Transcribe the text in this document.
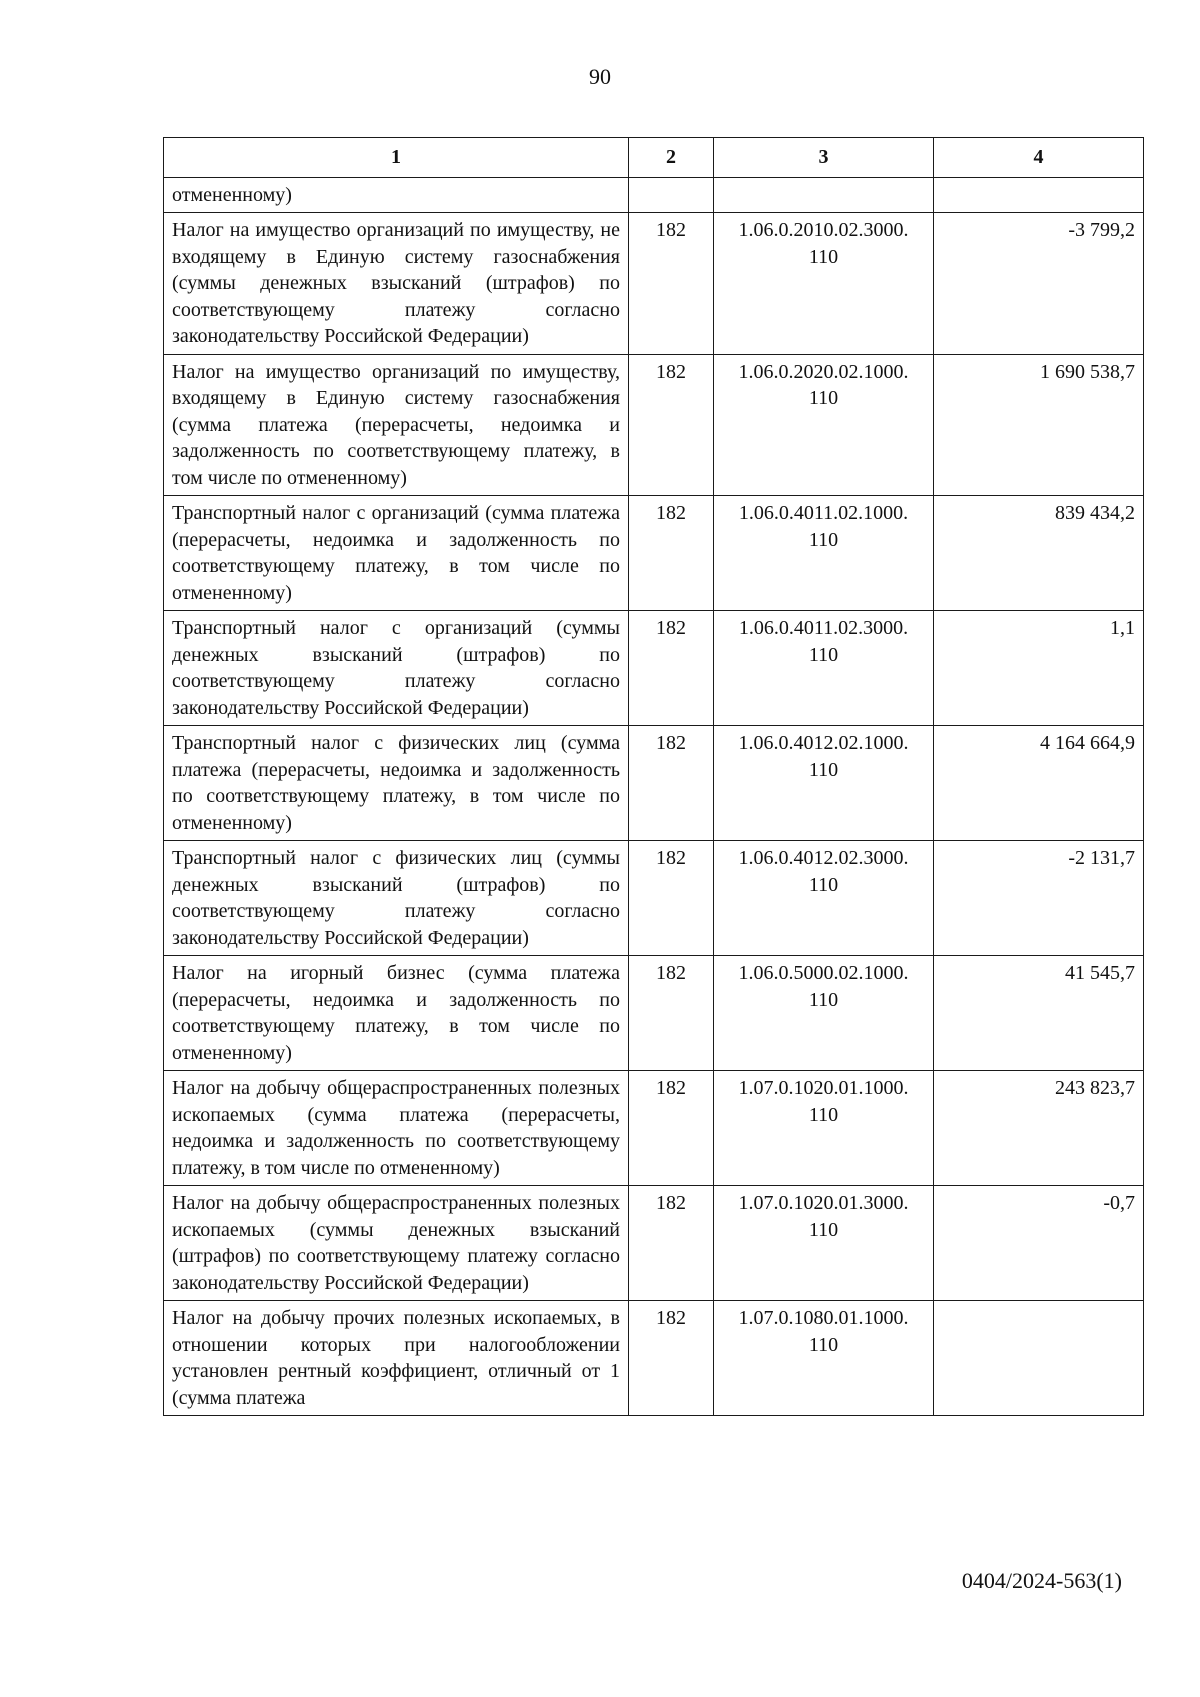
90
1	2	3	4
отмененному)			
Налог на имущество организаций по имуществу, не входящему в Единую систему газоснабжения (суммы денежных взысканий (штрафов) по соответствующему платежу согласно законодательству Российской Федерации)	182	1.06.0.2010.02.3000. 110	-3 799,2
Налог на имущество организаций по имуществу, входящему в Единую систему газоснабжения (сумма платежа (перерасчеты, недоимка и задолженность по соответствующему платежу, в том числе по отмененному)	182	1.06.0.2020.02.1000. 110	1 690 538,7
Транспортный налог с организаций (сумма платежа (перерасчеты, недоимка и задолженность по соответствующему платежу, в том числе по отмененному)	182	1.06.0.4011.02.1000. 110	839 434,2
Транспортный налог с организаций (суммы денежных взысканий (штрафов) по соответствующему платежу согласно законодательству Российской Федерации)	182	1.06.0.4011.02.3000. 110	1,1
Транспортный налог с физических лиц (сумма платежа (перерасчеты, недоимка и задолженность по соответствующему платежу, в том числе по отмененному)	182	1.06.0.4012.02.1000. 110	4 164 664,9
Транспортный налог с физических лиц (суммы денежных взысканий (штрафов) по соответствующему платежу согласно законодательству Российской Федерации)	182	1.06.0.4012.02.3000. 110	-2 131,7
Налог на игорный бизнес (сумма платежа (перерасчеты, недоимка и задолженность по соответствующему платежу, в том числе по отмененному)	182	1.06.0.5000.02.1000. 110	41 545,7
Налог на добычу общераспространенных полезных ископаемых (сумма платежа (перерасчеты, недоимка и задолженность по соответствующему платежу, в том числе по отмененному)	182	1.07.0.1020.01.1000. 110	243 823,7
Налог на добычу общераспространенных полезных ископаемых (суммы денежных взысканий (штрафов) по соответствующему платежу согласно законодательству Российской Федерации)	182	1.07.0.1020.01.3000. 110	-0,7
Налог на добычу прочих полезных ископаемых, в отношении которых при налогообложении установлен рентный коэффициент, отличный от 1 (сумма платежа	182	1.07.0.1080.01.1000. 110	
0404/2024-563(1)
